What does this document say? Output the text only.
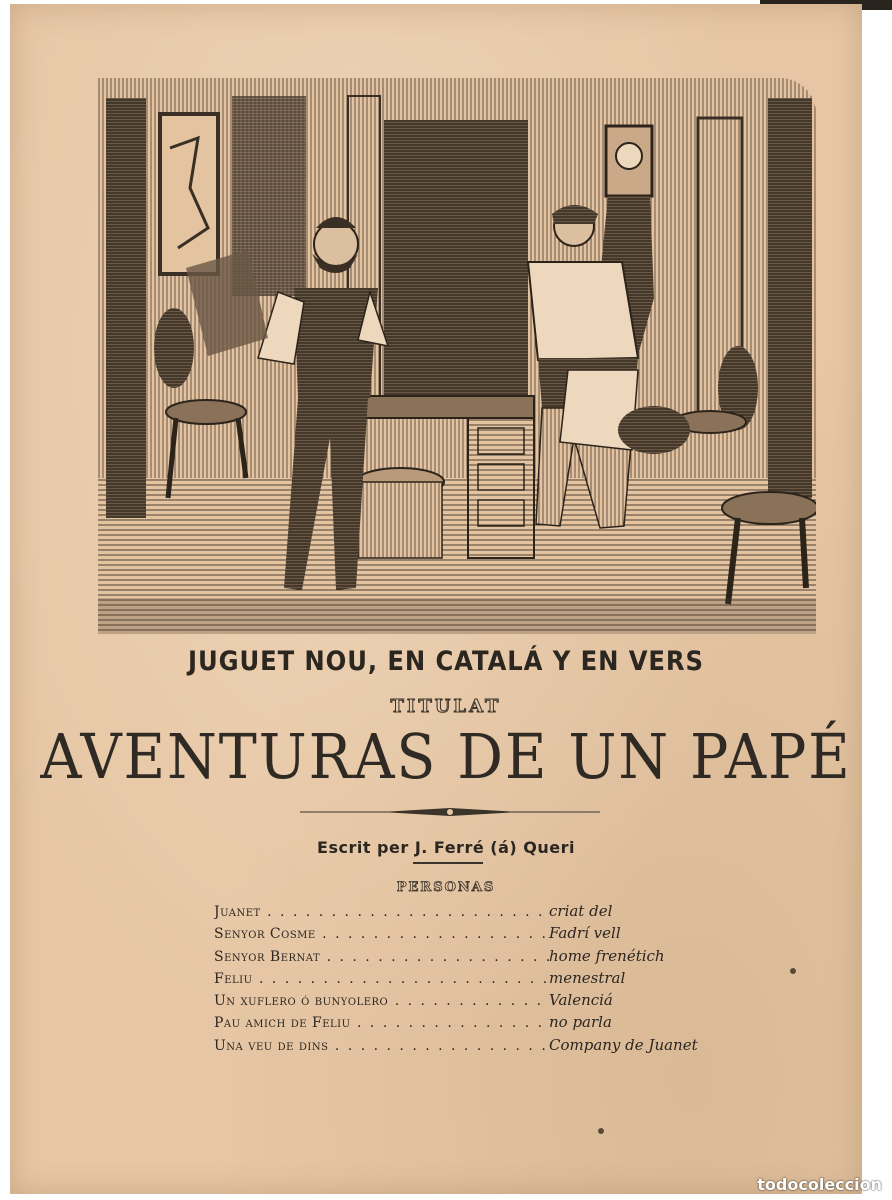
JUGUET NOU, EN CATALÁ Y EN VERS
TITULAT
AVENTURAS DE UN PAPÉ
Escrit per J. Ferré (á) Queri
PERSONAS
Juanet . . .	criat del
Senyor Cosme . . .	Fadrí vell
Senyor Bernat . . .	home frenétich
Feliu . . .	menestral
Un xuflero ó bunyolero . . .	Valenciá
Pau amich de Feliu . . .	no parla
Una veu de dins . . .	Company de Juanet
todocoleccion
